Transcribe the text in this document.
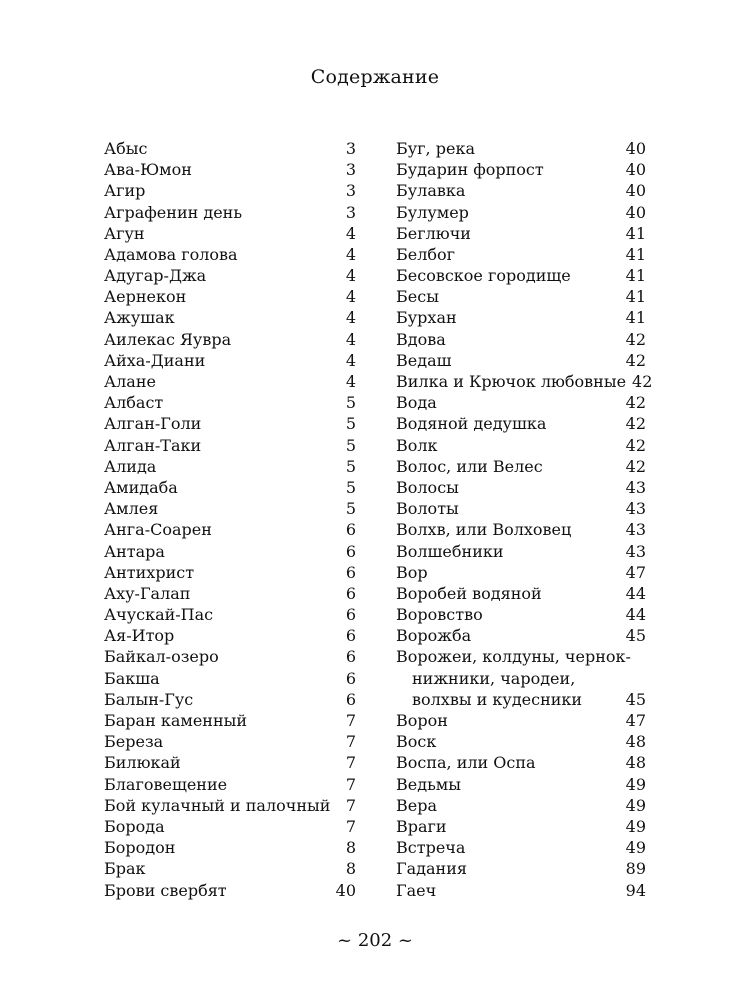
Содержание
Абыс	3
Ава-Юмон	3
Агир	3
Аграфенин день	3
Агун	4
Адамова голова	4
Адугар-Джа	4
Аернекон	4
Ажушак	4
Аилекас Яувра	4
Айха-Диани	4
Алане	4
Албаст	5
Алган-Голи	5
Алган-Таки	5
Алида	5
Амидаба	5
Амлея	5
Анга-Соарен	6
Антара	6
Антихрист	6
Аху-Галап	6
Ачускай-Пас	6
Ая-Итор	6
Байкал-озеро	6
Бакша	6
Балын-Гус	6
Баран каменный	7
Береза	7
Билюкай	7
Благовещение	7
Бой кулачный и палочный 7
Борода	7
Бородон	8
Брак	8
Брови свербят	40
Буг, река	40
Бударин форпост	40
Булавка	40
Булумер	40
Беглючи	41
Белбог	41
Бесовское городище	41
Бесы	41
Бурхан	41
Вдова	42
Ведаш	42
Вилка и Крючок любовные 42
Вода	42
Водяной дедушка	42
Волк	42
Волос, или Велес	42
Волосы	43
Волоты	43
Волхв, или Волховец	43
Волшебники	43
Вор	47
Воробей водяной	44
Воровство	44
Ворожба	45
Ворожеи, колдуны, чернок-
нижники, чародеи,
волхвы и кудесники	45
Ворон	47
Воск	48
Воспа, или Оспа	48
Ведьмы	49
Вера	49
Враги	49
Встреча	49
Гадания	89
Гаеч	94
~ 202 ~
